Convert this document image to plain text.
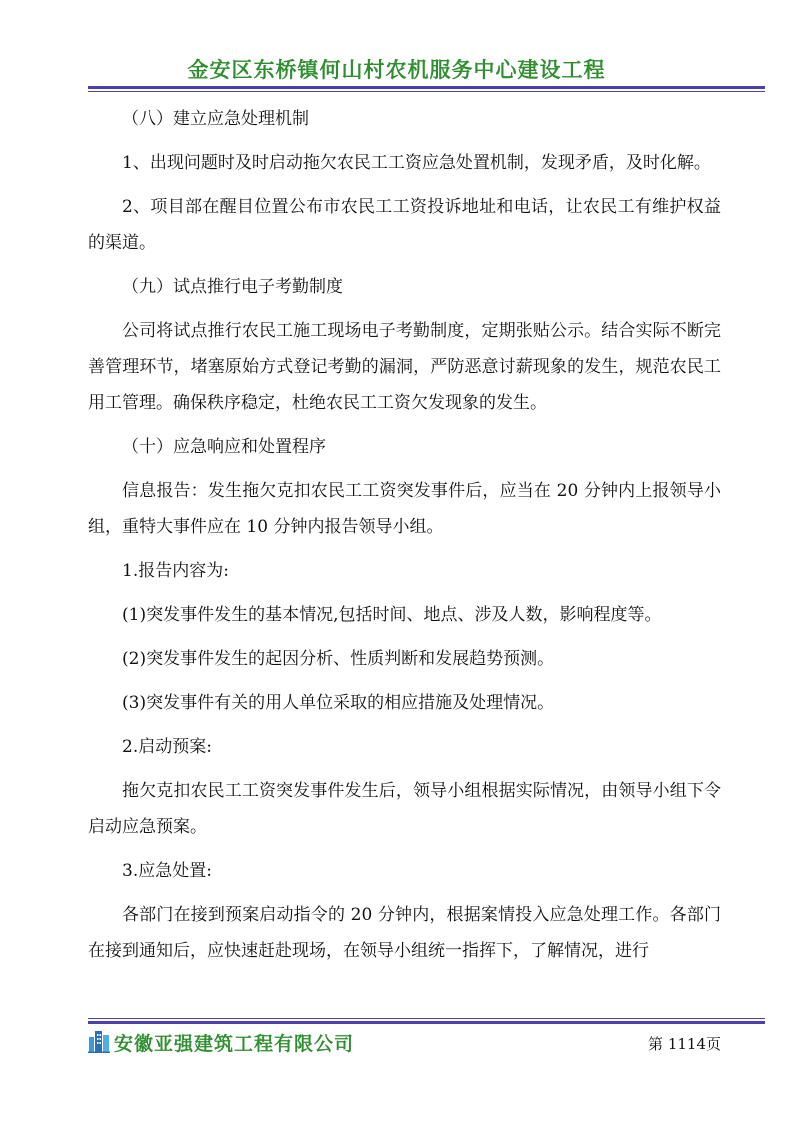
金安区东桥镇何山村农机服务中心建设工程

（八）建立应急处理机制

1、出现问题时及时启动拖欠农民工工资应急处置机制，发现矛盾，及时化解。

2、项目部在醒目位置公布市农民工工资投诉地址和电话，让农民工有维护权益的渠道。

（九）试点推行电子考勤制度

公司将试点推行农民工施工现场电子考勤制度，定期张贴公示。结合实际不断完善管理环节，堵塞原始方式登记考勤的漏洞，严防恶意讨薪现象的发生，规范农民工用工管理。确保秩序稳定，杜绝农民工工资欠发现象的发生。

（十）应急响应和处置程序

信息报告：发生拖欠克扣农民工工资突发事件后，应当在 20 分钟内上报领导小组，重特大事件应在 10 分钟内报告领导小组。

1.报告内容为:

(1)突发事件发生的基本情况,包括时间、地点、涉及人数，影响程度等。

(2)突发事件发生的起因分析、性质判断和发展趋势预测。

(3)突发事件有关的用人单位采取的相应措施及处理情况。

2.启动预案:

拖欠克扣农民工工资突发事件发生后，领导小组根据实际情况，由领导小组下令启动应急预案。

3.应急处置:

各部门在接到预案启动指令的 20 分钟内，根据案情投入应急处理工作。各部门在接到通知后，应快速赶赴现场，在领导小组统一指挥下，了解情况，进行

安徽亚强建筑工程有限公司	第 1114页
